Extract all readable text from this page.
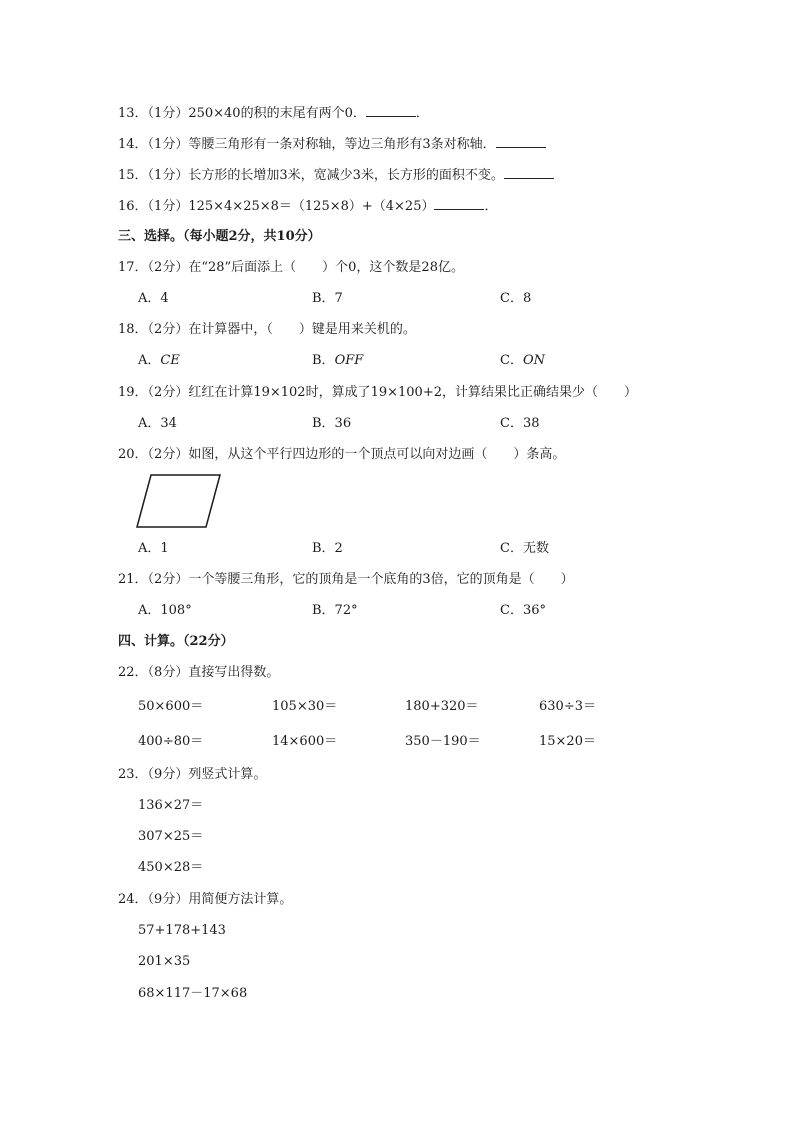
13．（1分）250×40的积的末尾有两个0．	．
14．（1分）等腰三角形有一条对称轴，等边三角形有3条对称轴．
15．（1分）长方形的长增加3米，宽减少3米，长方形的面积不变。
16．（1分）125×4×25×8＝（125×8）+（4×25）	．
三、选择。（每小题2分，共10分）
17．（2分）在“28”后面添上（　　）个0，这个数是28亿。
A．4	B．7	C．8
18．（2分）在计算器中，（　　）键是用来关机的。
A．CE	B．OFF	C．ON
19．（2分）红红在计算19×102时，算成了19×100+2，计算结果比正确结果少（　　）
A．34	B．36	C．38
20．（2分）如图，从这个平行四边形的一个顶点可以向对边画（　　）条高。
A．1	B．2	C．无数
21．（2分）一个等腰三角形，它的顶角是一个底角的3倍，它的顶角是（　　）
A．108°	B．72°	C．36°
四、计算。（22分）
22．（8分）直接写出得数。
50×600＝	105×30＝	180+320＝	630÷3＝
400÷80＝	14×600＝	350－190＝	15×20＝
23．（9分）列竖式计算。
136×27＝
307×25＝
450×28＝
24．（9分）用简便方法计算。
57+178+143
201×35
68×117－17×68
